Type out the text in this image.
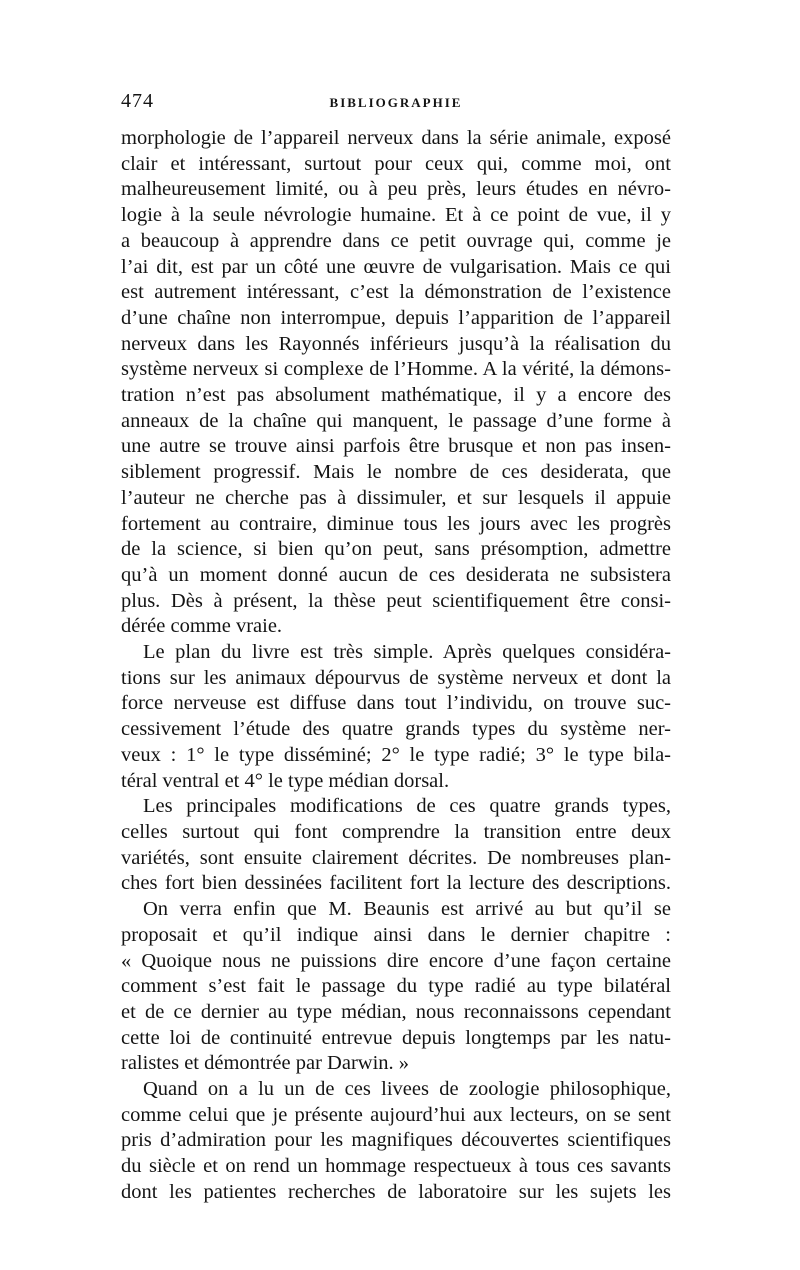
474	BIBLIOGRAPHIE

morphologie de l’appareil nerveux dans la série animale, exposé
clair et intéressant, surtout pour ceux qui, comme moi, ont
malheureusement limité, ou à peu près, leurs études en névro-
logie à la seule névrologie humaine. Et à ce point de vue, il y
a beaucoup à apprendre dans ce petit ouvrage qui, comme je
l’ai dit, est par un côté une œuvre de vulgarisation. Mais ce qui
est autrement intéressant, c’est la démonstration de l’existence
d’une chaîne non interrompue, depuis l’apparition de l’appareil
nerveux dans les Rayonnés inférieurs jusqu’à la réalisation du
système nerveux si complexe de l’Homme. A la vérité, la démons-
tration n’est pas absolument mathématique, il y a encore des
anneaux de la chaîne qui manquent, le passage d’une forme à
une autre se trouve ainsi parfois être brusque et non pas insen-
siblement progressif. Mais le nombre de ces desiderata, que
l’auteur ne cherche pas à dissimuler, et sur lesquels il appuie
fortement au contraire, diminue tous les jours avec les progrès
de la science, si bien qu’on peut, sans présomption, admettre
qu’à un moment donné aucun de ces desiderata ne subsistera
plus. Dès à présent, la thèse peut scientifiquement être consi-
dérée comme vraie.

Le plan du livre est très simple. Après quelques considéra-
tions sur les animaux dépourvus de système nerveux et dont la
force nerveuse est diffuse dans tout l’individu, on trouve suc-
cessivement l’étude des quatre grands types du système ner-
veux : 1° le type disséminé; 2° le type radié; 3° le type bila-
téral ventral et 4° le type médian dorsal.

Les principales modifications de ces quatre grands types,
celles surtout qui font comprendre la transition entre deux
variétés, sont ensuite clairement décrites. De nombreuses plan-
ches fort bien dessinées facilitent fort la lecture des descriptions.

On verra enfin que M. Beaunis est arrivé au but qu’il se
proposait et qu’il indique ainsi dans le dernier chapitre :
« Quoique nous ne puissions dire encore d’une façon certaine
comment s’est fait le passage du type radié au type bilatéral
et de ce dernier au type médian, nous reconnaissons cependant
cette loi de continuité entrevue depuis longtemps par les natu-
ralistes et démontrée par Darwin. »

Quand on a lu un de ces livees de zoologie philosophique,
comme celui que je présente aujourd’hui aux lecteurs, on se sent
pris d’admiration pour les magnifiques découvertes scientifiques
du siècle et on rend un hommage respectueux à tous ces savants
dont les patientes recherches de laboratoire sur les sujets les
